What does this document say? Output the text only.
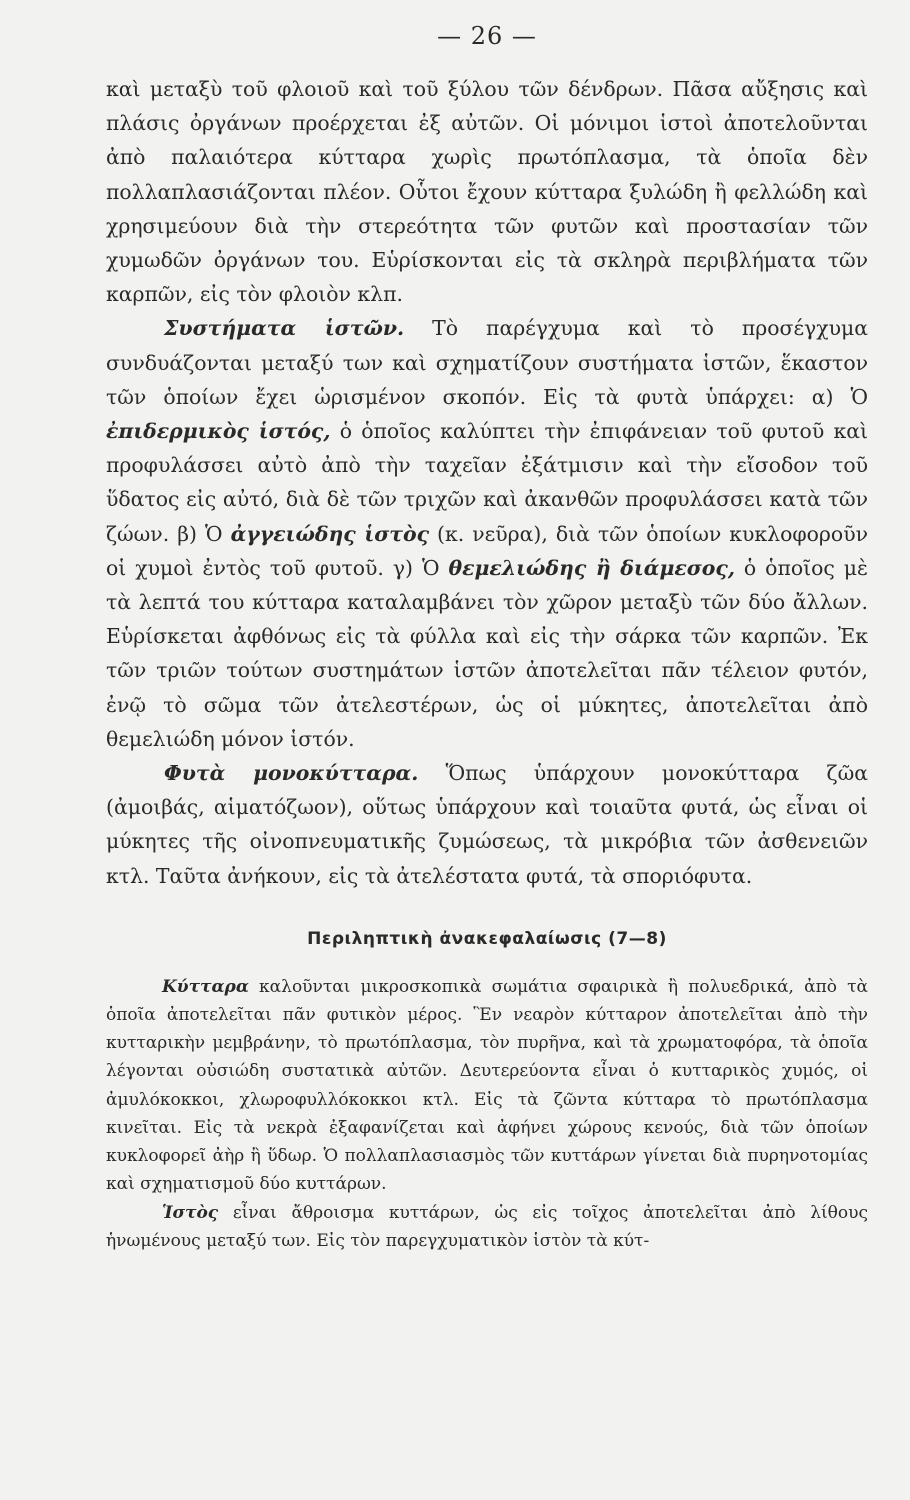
— 26 —

καὶ μεταξὺ τοῦ φλοιοῦ καὶ τοῦ ξύλου τῶν δένδρων. Πᾶσα αὔξησις καὶ πλάσις ὀργάνων προέρχεται ἐξ αὐτῶν. Οἱ μόνιμοι ἱστοὶ ἀποτελοῦνται ἀπὸ παλαιότερα κύτταρα χωρὶς πρωτόπλασμα, τὰ ὁποῖα δὲν πολλαπλασιάζονται πλέον. Οὗτοι ἔχουν κύτταρα ξυλώδη ἢ φελλώδη καὶ χρησιμεύουν διὰ τὴν στερεότητα τῶν φυτῶν καὶ προστασίαν τῶν χυμωδῶν ὀργάνων του. Εὑρίσκονται εἰς τὰ σκληρὰ περιβλήματα τῶν καρπῶν, εἰς τὸν φλοιὸν κλπ.

Συστήματα ἱστῶν. Τὸ παρέγχυμα καὶ τὸ προσέγχυμα συνδυάζονται μεταξύ των καὶ σχηματίζουν συστήματα ἱστῶν, ἕκαστον τῶν ὁποίων ἔχει ὡρισμένον σκοπόν. Εἰς τὰ φυτὰ ὑπάρχει: α) Ὁ ἐπιδερμικὸς ἱστός, ὁ ὁποῖος καλύπτει τὴν ἐπιφάνειαν τοῦ φυτοῦ καὶ προφυλάσσει αὐτὸ ἀπὸ τὴν ταχεῖαν ἐξάτμισιν καὶ τὴν εἴσοδον τοῦ ὕδατος εἰς αὐτό, διὰ δὲ τῶν τριχῶν καὶ ἀκανθῶν προφυλάσσει κατὰ τῶν ζώων. β) Ὁ ἀγγειώδης ἱστὸς (κ. νεῦρα), διὰ τῶν ὁποίων κυκλοφοροῦν οἱ χυμοὶ ἐντὸς τοῦ φυτοῦ. γ) Ὁ θεμελιώδης ἢ διάμεσος, ὁ ὁποῖος μὲ τὰ λεπτά του κύτταρα καταλαμβάνει τὸν χῶρον μεταξὺ τῶν δύο ἄλλων. Εὑρίσκεται ἀφθόνως εἰς τὰ φύλλα καὶ εἰς τὴν σάρκα τῶν καρπῶν. Ἐκ τῶν τριῶν τούτων συστημάτων ἱστῶν ἀποτελεῖται πᾶν τέλειον φυτόν, ἐνῷ τὸ σῶμα τῶν ἀτελεστέρων, ὡς οἱ μύκητες, ἀποτελεῖται ἀπὸ θεμελιώδη μόνον ἱστόν.

Φυτὰ μονοκύτταρα. Ὅπως ὑπάρχουν μονοκύτταρα ζῶα (ἀμοιβάς, αἱματόζωον), οὕτως ὑπάρχουν καὶ τοιαῦτα φυτά, ὡς εἶναι οἱ μύκητες τῆς οἰνοπνευματικῆς ζυμώσεως, τὰ μικρόβια τῶν ἀσθενειῶν κτλ. Ταῦτα ἀνήκουν, εἰς τὰ ἀτελέστατα φυτά, τὰ σποριόφυτα.

Περιληπτικὴ ἀνακεφαλαίωσις (7—8)

Κύτταρα καλοῦνται μικροσκοπικὰ σωμάτια σφαιρικὰ ἢ πολυεδρικά, ἀπὸ τὰ ὁποῖα ἀποτελεῖται πᾶν φυτικὸν μέρος. Ἓν νεαρὸν κύτταρον ἀποτελεῖται ἀπὸ τὴν κυτταρικὴν μεμβράνην, τὸ πρωτόπλασμα, τὸν πυρῆνα, καὶ τὰ χρωματοφόρα, τὰ ὁποῖα λέγονται οὐσιώδη συστατικὰ αὐτῶν. Δευτερεύοντα εἶναι ὁ κυτταρικὸς χυμός, οἱ ἀμυλόκοκκοι, χλωροφυλλόκοκκοι κτλ. Εἰς τὰ ζῶντα κύτταρα τὸ πρωτόπλασμα κινεῖται. Εἰς τὰ νεκρὰ ἐξαφανίζεται καὶ ἀφήνει χώρους κενούς, διὰ τῶν ὁποίων κυκλοφορεῖ ἀὴρ ἢ ὕδωρ. Ὁ πολλαπλασιασμὸς τῶν κυττάρων γίνεται διὰ πυρηνοτομίας καὶ σχηματισμοῦ δύο κυττάρων.

Ἱστὸς εἶναι ἄθροισμα κυττάρων, ὡς εἰς τοῖχος ἀποτελεῖται ἀπὸ λίθους ἡνωμένους μεταξύ των. Εἰς τὸν παρεγχυματικὸν ἱστὸν τὰ κύτ-
